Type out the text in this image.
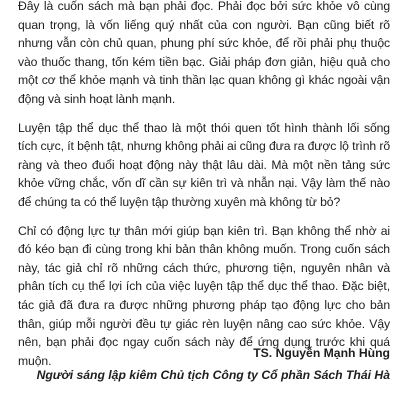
Đây là cuốn sách mà bạn phải đọc. Phải đọc bởi sức khỏe vô cùng quan trọng, là vốn liếng quý nhất của con người. Bạn cũng biết rõ nhưng vẫn còn chủ quan, phung phí sức khỏe, để rồi phải phụ thuộc vào thuốc thang, tốn kém tiền bạc. Giải pháp đơn giản, hiệu quả cho một cơ thể khỏe mạnh và tinh thần lạc quan không gì khác ngoài vận động và sinh hoạt lành mạnh.

Luyện tập thể dục thể thao là một thói quen tốt hình thành lối sống tích cực, ít bệnh tật, nhưng không phải ai cũng đưa ra được lộ trình rõ ràng và theo đuổi hoạt động này thật lâu dài. Mà một nền tảng sức khỏe vững chắc, vốn dĩ cần sự kiên trì và nhẫn nại. Vậy làm thế nào để chúng ta có thể luyện tập thường xuyên mà không từ bỏ?

Chỉ có động lực tự thân mới giúp bạn kiên trì. Bạn không thể nhờ ai đó kéo bạn đi cùng trong khi bản thân không muốn. Trong cuốn sách này, tác giả chỉ rõ những cách thức, phương tiện, nguyên nhân và phân tích cụ thể lợi ích của việc luyện tập thể dục thể thao. Đặc biệt, tác giả đã đưa ra được những phương pháp tạo động lực cho bản thân, giúp mỗi người đều tự giác rèn luyện nâng cao sức khỏe. Vậy nên, bạn phải đọc ngay cuốn sách này để ứng dụng trước khi quá muộn.

TS. Nguyễn Mạnh Hùng
Người sáng lập kiêm Chủ tịch Công ty Cổ phần Sách Thái Hà
